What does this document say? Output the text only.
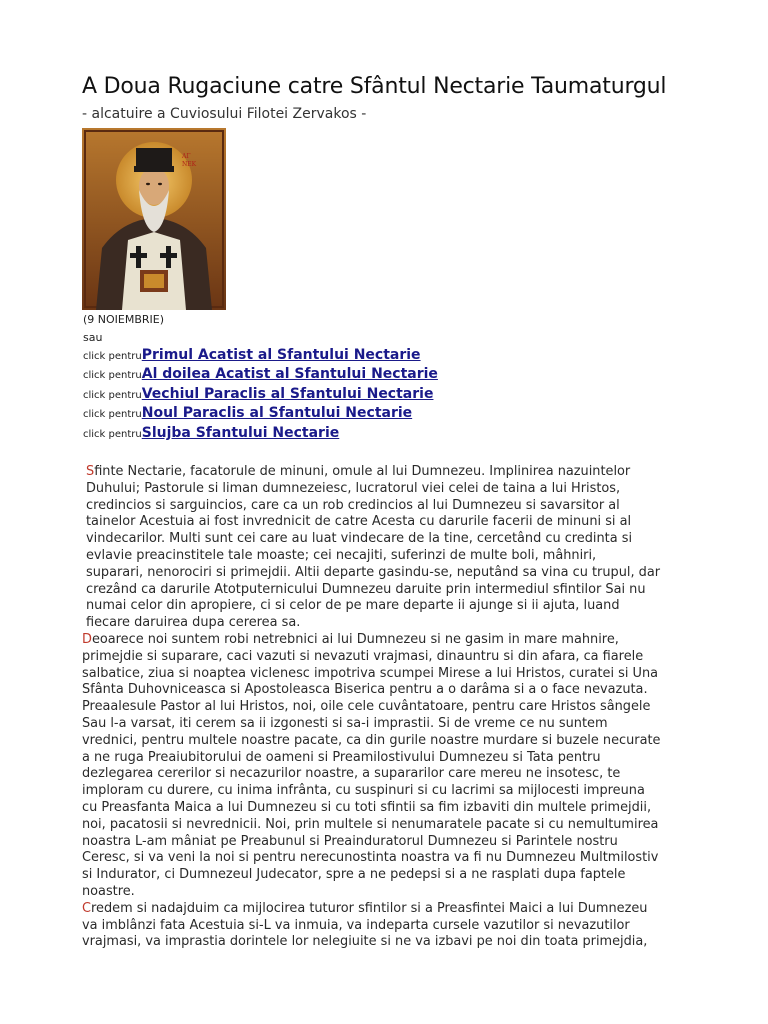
A Doua Rugaciune catre Sfântul Nectarie Taumaturgul
- alcatuire a Cuviosului Filotei Zervakos -
ΑΓ
ΝΕΚ
(9 NOIEMBRIE)
sau
click pentruPrimul Acatist al Sfantului Nectarie
click pentruAl doilea Acatist al Sfantului Nectarie
click pentruVechiul Paraclis al Sfantului Nectarie
click pentruNoul Paraclis al Sfantului Nectarie
click pentruSlujba Sfantului Nectarie

Sfinte Nectarie, facatorule de minuni, omule al lui Dumnezeu. Implinirea nazuintelor
Duhului; Pastorule si liman dumnezeiesc, lucratorul viei celei de taina a lui Hristos,
credincios si sarguincios, care ca un rob credincios al lui Dumnezeu si savarsitor al
tainelor Acestuia ai fost invrednicit de catre Acesta cu darurile facerii de minuni si al
vindecarilor. Multi sunt cei care au luat vindecare de la tine, cercetând cu credinta si
evlavie preacinstitele tale moaste; cei necajiti, suferinzi de multe boli, mâhniri,
suparari, nenorociri si primejdii. Altii departe gasindu-se, neputând sa vina cu trupul, dar
crezând ca darurile Atotputernicului Dumnezeu daruite prin intermediul sfintilor Sai nu
numai celor din apropiere, ci si celor de pe mare departe ii ajunge si ii ajuta, luand
fiecare daruirea dupa cererea sa.

Deoarece noi suntem robi netrebnici ai lui Dumnezeu si ne gasim in mare mahnire,
primejdie si suparare, caci vazuti si nevazuti vrajmasi, dinauntru si din afara, ca fiarele
salbatice, ziua si noaptea viclenesc impotriva scumpei Mirese a lui Hristos, curatei si Una
Sfânta Duhovniceasca si Apostoleasca Biserica pentru a o darâma si a o face nevazuta.
Preaalesule Pastor al lui Hristos, noi, oile cele cuvântatoare, pentru care Hristos sângele
Sau l-a varsat, iti cerem sa ii izgonesti si sa-i imprastii. Si de vreme ce nu suntem
vrednici, pentru multele noastre pacate, ca din gurile noastre murdare si buzele necurate
a ne ruga Preaiubitorului de oameni si Preamilostivului Dumnezeu si Tata pentru
dezlegarea cererilor si necazurilor noastre, a supararilor care mereu ne insotesc, te
imploram cu durere, cu inima infrânta, cu suspinuri si cu lacrimi sa mijlocesti impreuna
cu Preasfanta Maica a lui Dumnezeu si cu toti sfintii sa fim izbaviti din multele primejdii,
noi, pacatosii si nevrednicii. Noi, prin multele si nenumaratele pacate si cu nemultumirea
noastra L-am mâniat pe Preabunul si Preainduratorul Dumnezeu si Parintele nostru
Ceresc, si va veni la noi si pentru nerecunostinta noastra va fi nu Dumnezeu Multmilostiv
si Indurator, ci Dumnezeul Judecator, spre a ne pedepsi si a ne rasplati dupa faptele
noastre.

Credem si nadajduim ca mijlocirea tuturor sfintilor si a Preasfintei Maici a lui Dumnezeu
va imblânzi fata Acestuia si-L va inmuia, va indeparta cursele vazutilor si nevazutilor
vrajmasi, va imprastia dorintele lor nelegiuite si ne va izbavi pe noi din toata primejdia,
